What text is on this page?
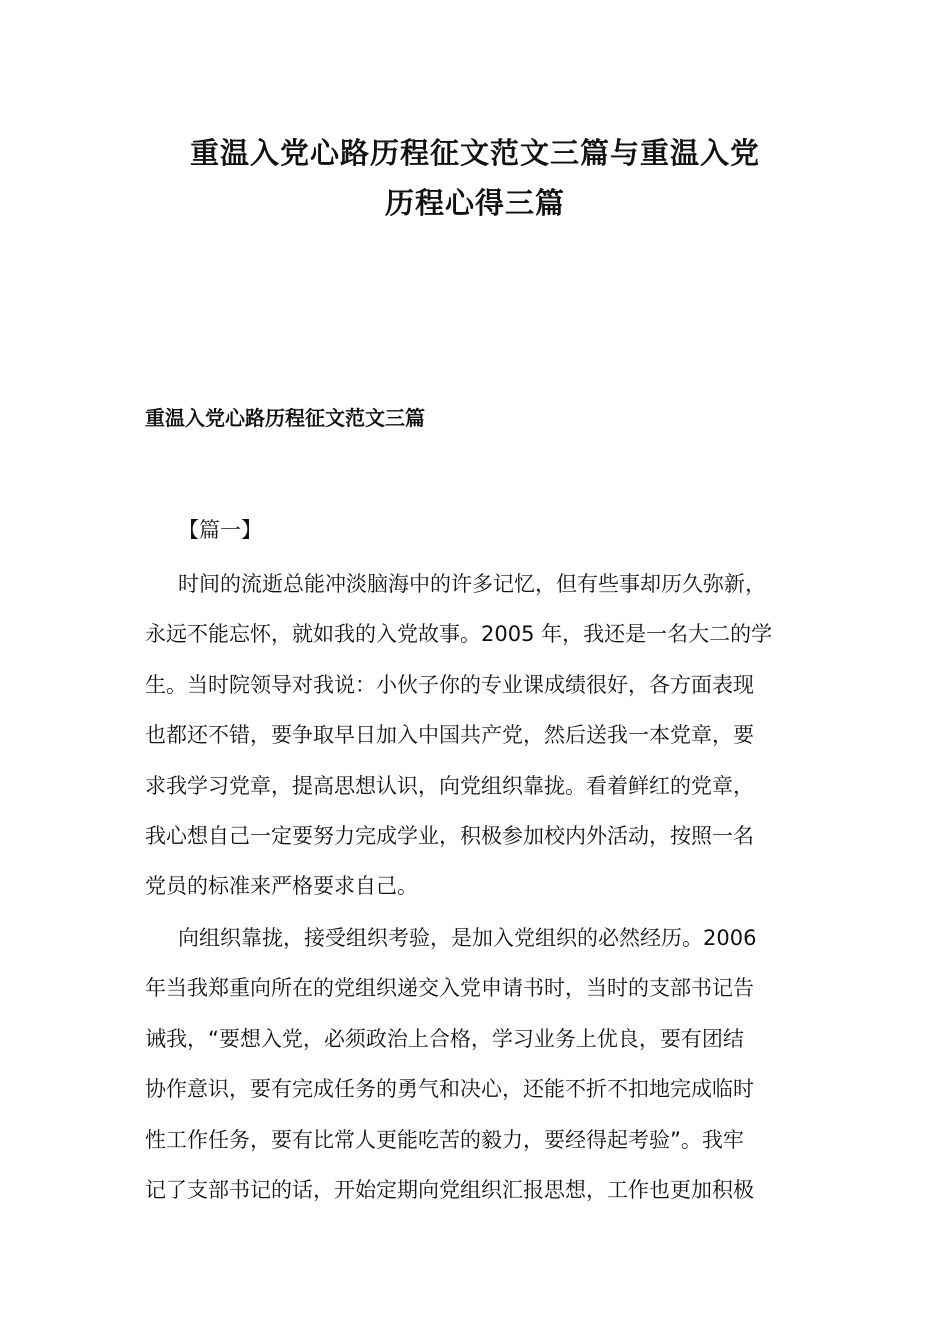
重温入党心路历程征文范文三篇与重温入党
历程心得三篇
重温入党心路历程征文范文三篇

【篇一】

时间的流逝总能冲淡脑海中的许多记忆，但有些事却历久弥新，
永远不能忘怀，就如我的入党故事。2005 年，我还是一名大二的学
生。当时院领导对我说：小伙子你的专业课成绩很好，各方面表现
也都还不错，要争取早日加入中国共产党，然后送我一本党章，要
求我学习党章，提高思想认识，向党组织靠拢。看着鲜红的党章，
我心想自己一定要努力完成学业，积极参加校内外活动，按照一名
党员的标准来严格要求自己。

向组织靠拢，接受组织考验，是加入党组织的必然经历。2006
年当我郑重向所在的党组织递交入党申请书时，当时的支部书记告
诫我，“要想入党，必须政治上合格，学习业务上优良，要有团结
协作意识，要有完成任务的勇气和决心，还能不折不扣地完成临时
性工作任务，要有比常人更能吃苦的毅力，要经得起考验”。我牢
记了支部书记的话，开始定期向党组织汇报思想，工作也更加积极
